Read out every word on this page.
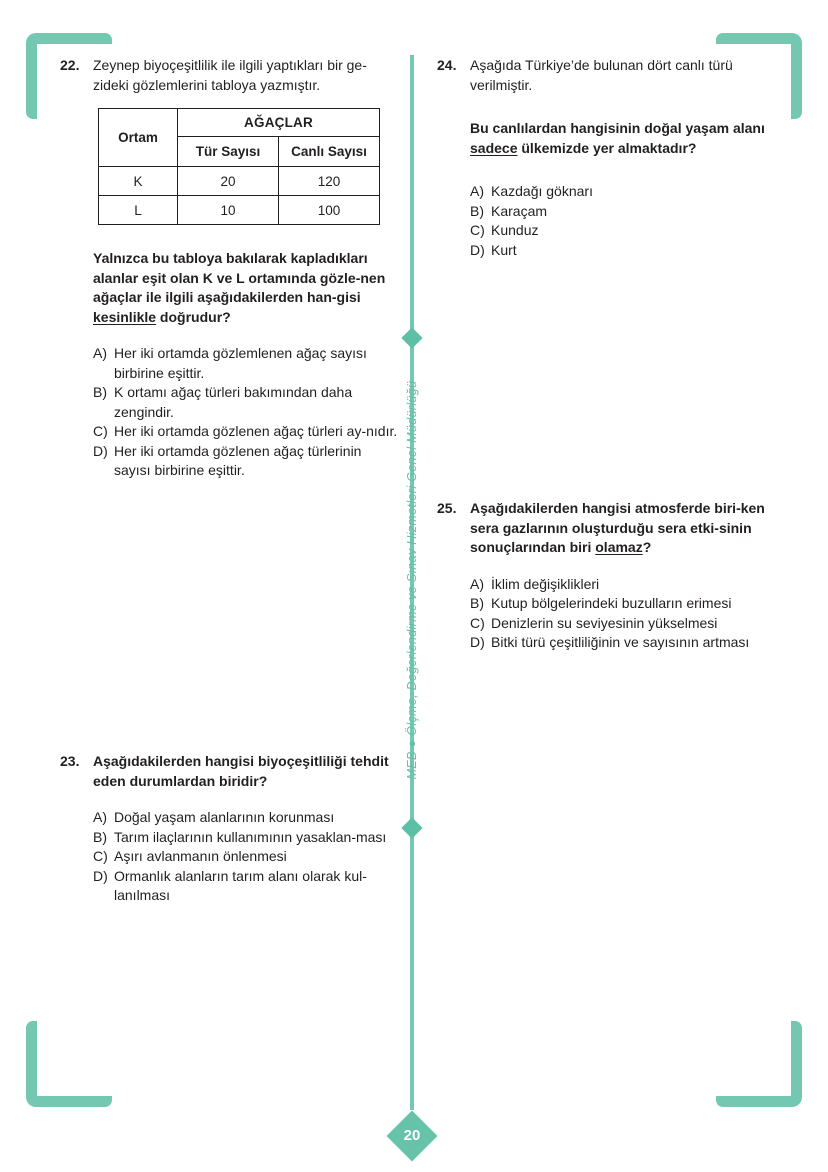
MEB ● Ölçme, Değerlendirme ve Sınav Hizmetleri Genel Müdürlüğü
20
22. Zeynep biyoçeşitlilik ile ilgili yaptıkları bir ge-zideki gözlemlerini tabloya yazmıştır.

Ortam	AĞAÇLAR	
	Tür Sayısı	Canlı Sayısı
K	20	120
L	10	100

Yalnızca bu tabloya bakılarak kapladıkları alanlar eşit olan K ve L ortamında gözle-nen ağaçlar ile ilgili aşağıdakilerden han-gisi kesinlikle doğrudur?

A) Her iki ortamda gözlemlenen ağaç sayısı birbirine eşittir.
B) K ortamı ağaç türleri bakımından daha zengindir.
C) Her iki ortamda gözlenen ağaç türleri ay-nıdır.
D) Her iki ortamda gözlenen ağaç türlerinin sayısı birbirine eşittir.
23. Aşağıdakilerden hangisi biyoçeşitliliği tehdit eden durumlardan biridir?

A) Doğal yaşam alanlarının korunması
B) Tarım ilaçlarının kullanımının yasaklan-ması
C) Aşırı avlanmanın önlenmesi
D) Ormanlık alanların tarım alanı olarak kul-lanılması
24. Aşağıda Türkiye’de bulunan dört canlı türü verilmiştir.

Bu canlılardan hangisinin doğal yaşam alanı sadece ülkemizde yer almaktadır?

A) Kazdağı göknarı
B) Karaçam
C) Kunduz
D) Kurt
25. Aşağıdakilerden hangisi atmosferde biri-ken sera gazlarının oluşturduğu sera etki-sinin sonuçlarından biri olamaz?

A) İklim değişiklikleri
B) Kutup bölgelerindeki buzulların erimesi
C) Denizlerin su seviyesinin yükselmesi
D) Bitki türü çeşitliliğinin ve sayısının artması
